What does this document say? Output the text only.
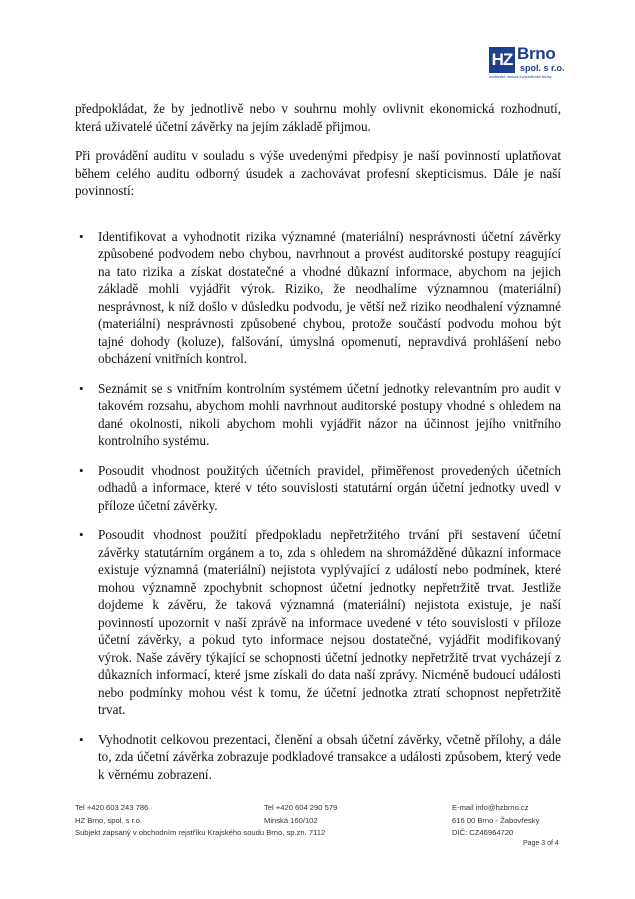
HZ Brno
spol. s r.o.
auditorské, daňové a poradenské služby

předpokládat, že by jednotlivě nebo v souhrnu mohly ovlivnit ekonomická rozhodnutí, která uživatelé účetní závěrky na jejím základě přijmou.

Při provádění auditu v souladu s výše uvedenými předpisy je naší povinností uplatňovat během celého auditu odborný úsudek a zachovávat profesní skepticismus. Dále je naší povinností:

• Identifikovat a vyhodnotit rizika významné (materiální) nesprávnosti účetní závěrky způsobené podvodem nebo chybou, navrhnout a provést auditorské postupy reagující na tato rizika a získat dostatečné a vhodné důkazní informace, abychom na jejich základě mohli vyjádřit výrok. Riziko, že neodhalíme významnou (materiální) nesprávnost, k níž došlo v důsledku podvodu, je větší než riziko neodhalení významné (materiální) nesprávnosti způsobené chybou, protože součástí podvodu mohou být tajné dohody (koluze), falšování, úmyslná opomenutí, nepravdivá prohlášení nebo obcházení vnitřních kontrol.
• Seznámit se s vnitřním kontrolním systémem účetní jednotky relevantním pro audit v takovém rozsahu, abychom mohli navrhnout auditorské postupy vhodné s ohledem na dané okolnosti, nikoli abychom mohli vyjádřit názor na účinnost jejího vnitřního kontrolního systému.
• Posoudit vhodnost použitých účetních pravidel, přiměřenost provedených účetních odhadů a informace, které v této souvislosti statutární orgán účetní jednotky uvedl v příloze účetní závěrky.
• Posoudit vhodnost použití předpokladu nepřetržitého trvání při sestavení účetní závěrky statutárním orgánem a to, zda s ohledem na shromážděné důkazní informace existuje významná (materiální) nejistota vyplývající z událostí nebo podmínek, které mohou významně zpochybnit schopnost účetní jednotky nepřetržitě trvat. Jestliže dojdeme k závěru, že taková významná (materiální) nejistota existuje, je naší povinností upozornit v naší zprávě na informace uvedené v této souvislosti v příloze účetní závěrky, a pokud tyto informace nejsou dostatečné, vyjádřit modifikovaný výrok. Naše závěry týkající se schopnosti účetní jednotky nepřetržitě trvat vycházejí z důkazních informací, které jsme získali do data naší zprávy. Nicméně budoucí události nebo podmínky mohou vést k tomu, že účetní jednotka ztratí schopnost nepřetržitě trvat.
• Vyhodnotit celkovou prezentaci, členění a obsah účetní závěrky, včetně přílohy, a dále to, zda účetní závěrka zobrazuje podkladové transakce a události způsobem, který vede k věrnému zobrazení.
Tel +420 603 243 786
HZ Brno, spol. s r.o.
Subjekt zapsaný v obchodním rejstříku Krajského soudu Brno, sp.zn. 7112
Tel +420 604 290 579
Minská 160/102
E-mail info@hzbrno.cz
616 00 Brno - Žabovřesky
DIČ: CZ46964720
Page 3 of 4
